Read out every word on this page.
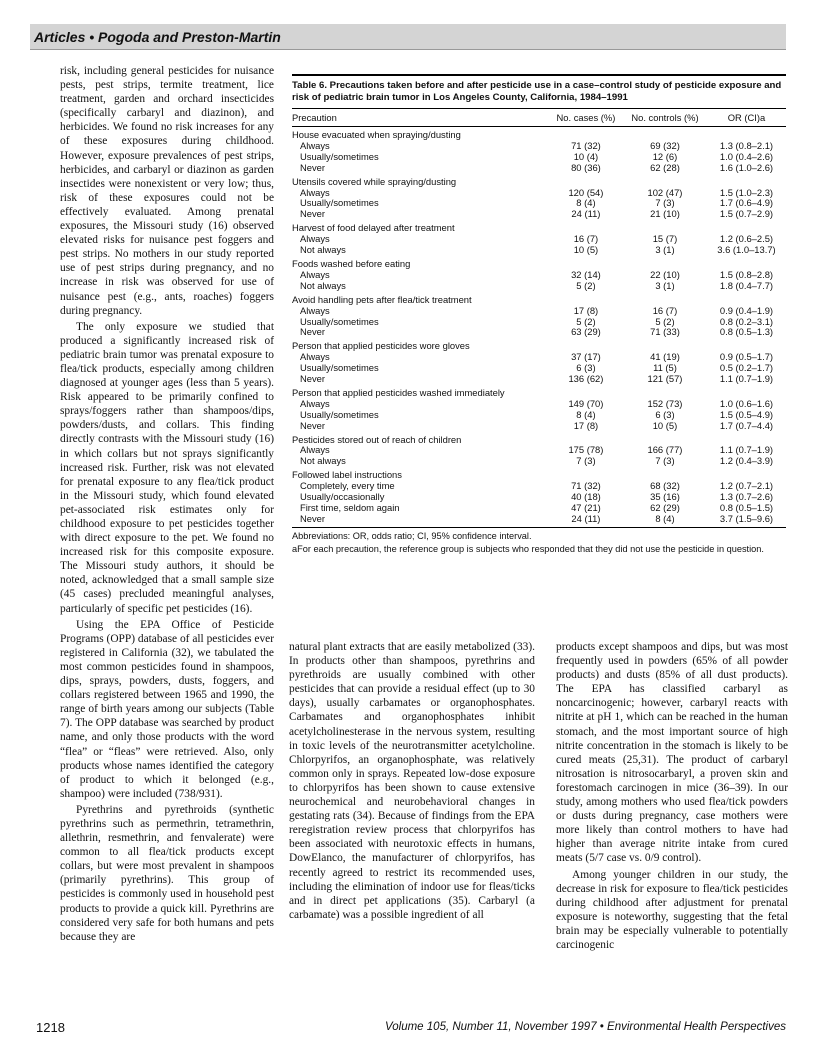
Articles • Pogoda and Preston-Martin

risk, including general pesticides for nuisance pests, pest strips, termite treatment, lice treatment, garden and orchard insecticides (specifically carbaryl and diazinon), and herbicides. We found no risk increases for any of these exposures during childhood. However, exposure prevalences of pest strips, herbicides, and carbaryl or diazinon as garden insectides were nonexistent or very low; thus, risk of these exposures could not be effectively evaluated. Among prenatal exposures, the Missouri study (16) observed elevated risks for nuisance pest foggers and pest strips. No mothers in our study reported use of pest strips during pregnancy, and no increase in risk was observed for use of nuisance pest (e.g., ants, roaches) foggers during pregnancy.

The only exposure we studied that produced a significantly increased risk of pediatric brain tumor was prenatal exposure to flea/tick products, especially among children diagnosed at younger ages (less than 5 years). Risk appeared to be primarily confined to sprays/foggers rather than shampoos/dips, powders/dusts, and collars. This finding directly contrasts with the Missouri study (16) in which collars but not sprays significantly increased risk. Further, risk was not elevated for prenatal exposure to any flea/tick product in the Missouri study, which found elevated pet-associated risk estimates only for childhood exposure to pet pesticides together with direct exposure to the pet. We found no increased risk for this composite exposure. The Missouri study authors, it should be noted, acknowledged that a small sample size (45 cases) precluded meaningful analyses, particularly of specific pet pesticides (16).

Using the EPA Office of Pesticide Programs (OPP) database of all pesticides ever registered in California (32), we tabulated the most common pesticides found in shampoos, dips, sprays, powders, dusts, foggers, and collars registered between 1965 and 1990, the range of birth years among our subjects (Table 7). The OPP database was searched by product name, and only those products with the word “flea” or “fleas” were retrieved. Also, only products whose names identified the category of product to which it belonged (e.g., shampoo) were included (738/931).

Pyrethrins and pyrethroids (synthetic pyrethrins such as permethrin, tetramethrin, allethrin, resmethrin, and fenvalerate) were common to all flea/tick products except collars, but were most prevalent in shampoos (primarily pyrethrins). This group of pesticides is commonly used in household pest products to provide a quick kill. Pyrethrins are considered very safe for both humans and pets because they are

Table 6. Precautions taken before and after pesticide use in a case–control study of pesticide exposure and risk of pediatric brain tumor in Los Angeles County, California, 1984–1991
Precaution	No. cases (%)	No. controls (%)	OR (CI)a
House evacuated when spraying/dusting			
Always	71 (32)	69 (32)	1.3 (0.8–2.1)
Usually/sometimes	10 (4)	12 (6)	1.0 (0.4–2.6)
Never	80 (36)	62 (28)	1.6 (1.0–2.6)
Utensils covered while spraying/dusting			
Always	120 (54)	102 (47)	1.5 (1.0–2.3)
Usually/sometimes	8 (4)	7 (3)	1.7 (0.6–4.9)
Never	24 (11)	21 (10)	1.5 (0.7–2.9)
Harvest of food delayed after treatment			
Always	16 (7)	15 (7)	1.2 (0.6–2.5)
Not always	10 (5)	3 (1)	3.6 (1.0–13.7)
Foods washed before eating			
Always	32 (14)	22 (10)	1.5 (0.8–2.8)
Not always	5 (2)	3 (1)	1.8 (0.4–7.7)
Avoid handling pets after flea/tick treatment			
Always	17 (8)	16 (7)	0.9 (0.4–1.9)
Usually/sometimes	5 (2)	5 (2)	0.8 (0.2–3.1)
Never	63 (29)	71 (33)	0.8 (0.5–1.3)
Person that applied pesticides wore gloves			
Always	37 (17)	41 (19)	0.9 (0.5–1.7)
Usually/sometimes	6 (3)	11 (5)	0.5 (0.2–1.7)
Never	136 (62)	121 (57)	1.1 (0.7–1.9)
Person that applied pesticides washed immediately			
Always	149 (70)	152 (73)	1.0 (0.6–1.6)
Usually/sometimes	8 (4)	6 (3)	1.5 (0.5–4.9)
Never	17 (8)	10 (5)	1.7 (0.7–4.4)
Pesticides stored out of reach of children			
Always	175 (78)	166 (77)	1.1 (0.7–1.9)
Not always	7 (3)	7 (3)	1.2 (0.4–3.9)
Followed label instructions			
Completely, every time	71 (32)	68 (32)	1.2 (0.7–2.1)
Usually/occasionally	40 (18)	35 (16)	1.3 (0.7–2.6)
First time, seldom again	47 (21)	62 (29)	0.8 (0.5–1.5)
Never	24 (11)	8 (4)	3.7 (1.5–9.6)

Abbreviations: OR, odds ratio; CI, 95% confidence interval.

aFor each precaution, the reference group is subjects who responded that they did not use the pesticide in question.

natural plant extracts that are easily metabolized (33). In products other than shampoos, pyrethrins and pyrethroids are usually combined with other pesticides that can provide a residual effect (up to 30 days), usually carbamates or organophosphates. Carbamates and organophosphates inhibit acetylcholinesterase in the nervous system, resulting in toxic levels of the neurotransmitter acetylcholine. Chlorpyrifos, an organophosphate, was relatively common only in sprays. Repeated low-dose exposure to chlorpyrifos has been shown to cause extensive neurochemical and neurobehavioral changes in gestating rats (34). Because of findings from the EPA reregistration review process that chlorpyrifos has been associated with neurotoxic effects in humans, DowElanco, the manufacturer of chlorpyrifos, has recently agreed to restrict its recommended uses, including the elimination of indoor use for fleas/ticks and in direct pet applications (35). Carbaryl (a carbamate) was a possible ingredient of all

products except shampoos and dips, but was most frequently used in powders (65% of all powder products) and dusts (85% of all dust products). The EPA has classified carbaryl as noncarcinogenic; however, carbaryl reacts with nitrite at pH 1, which can be reached in the human stomach, and the most important source of high nitrite concentration in the stomach is likely to be cured meats (25,31). The product of carbaryl nitrosation is nitrosocarbaryl, a proven skin and forestomach carcinogen in mice (36–39). In our study, among mothers who used flea/tick powders or dusts during pregnancy, case mothers were more likely than control mothers to have had higher than average nitrite intake from cured meats (5/7 case vs. 0/9 control).

Among younger children in our study, the decrease in risk for exposure to flea/tick pesticides during childhood after adjustment for prenatal exposure is noteworthy, suggesting that the fetal brain may be especially vulnerable to potentially carcinogenic

1218	Volume 105, Number 11, November 1997 • Environmental Health Perspectives
